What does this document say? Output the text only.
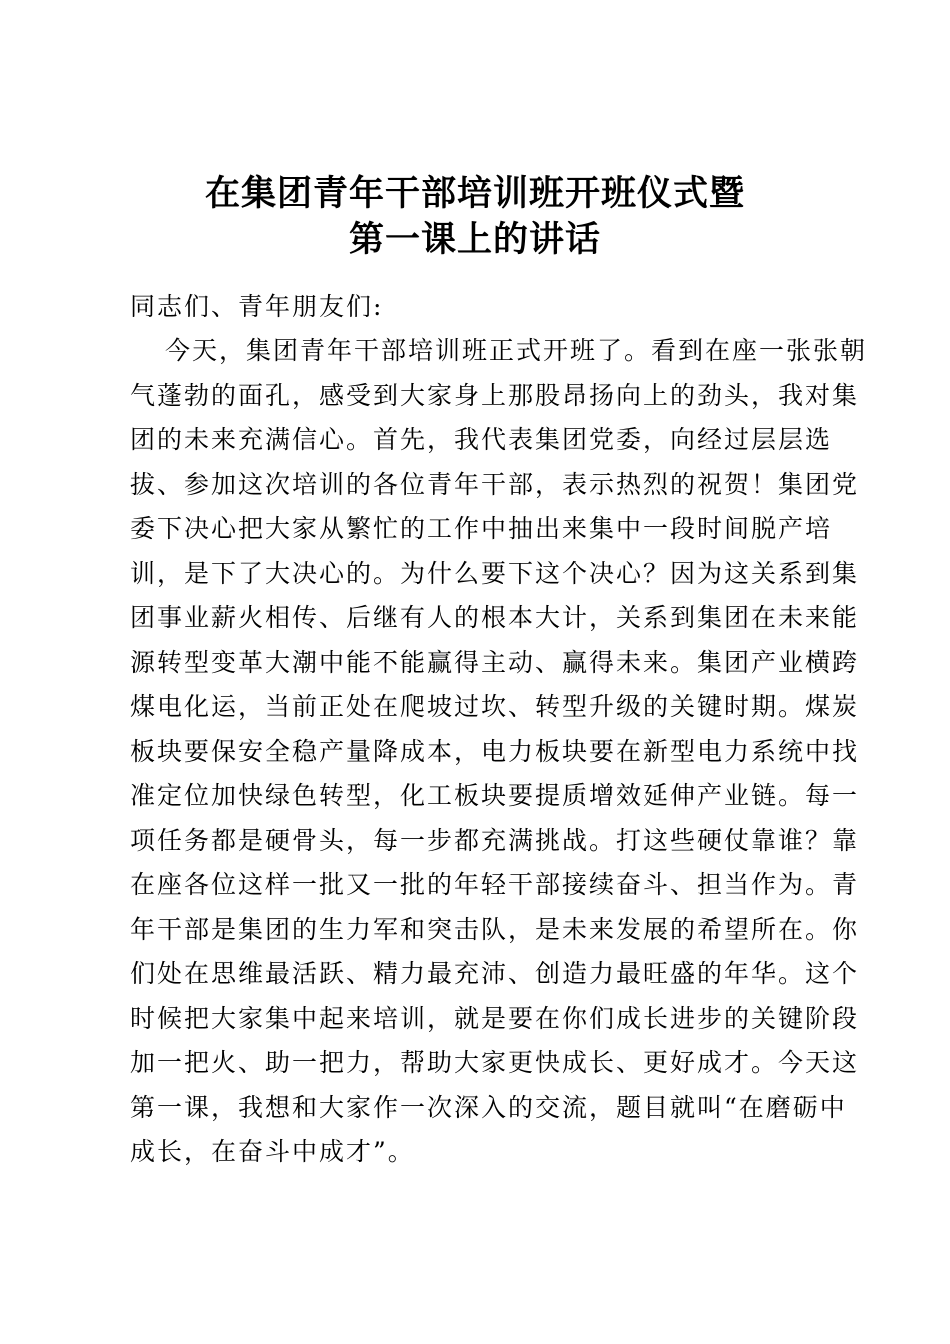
在集团青年干部培训班开班仪式暨
第一课上的讲话
同志们、青年朋友们:
今天，集团青年干部培训班正式开班了。看到在座一张张朝
气蓬勃的面孔，感受到大家身上那股昂扬向上的劲头，我对集
团的未来充满信心。首先，我代表集团党委，向经过层层选
拔、参加这次培训的各位青年干部，表示热烈的祝贺！集团党
委下决心把大家从繁忙的工作中抽出来集中一段时间脱产培
训，是下了大决心的。为什么要下这个决心？因为这关系到集
团事业薪火相传、后继有人的根本大计，关系到集团在未来能
源转型变革大潮中能不能赢得主动、赢得未来。集团产业横跨
煤电化运，当前正处在爬坡过坎、转型升级的关键时期。煤炭
板块要保安全稳产量降成本，电力板块要在新型电力系统中找
准定位加快绿色转型，化工板块要提质增效延伸产业链。每一
项任务都是硬骨头，每一步都充满挑战。打这些硬仗靠谁？靠
在座各位这样一批又一批的年轻干部接续奋斗、担当作为。青
年干部是集团的生力军和突击队，是未来发展的希望所在。你
们处在思维最活跃、精力最充沛、创造力最旺盛的年华。这个
时候把大家集中起来培训，就是要在你们成长进步的关键阶段
加一把火、助一把力，帮助大家更快成长、更好成才。今天这
第一课，我想和大家作一次深入的交流，题目就叫“在磨砺中
成长，在奋斗中成才”。
